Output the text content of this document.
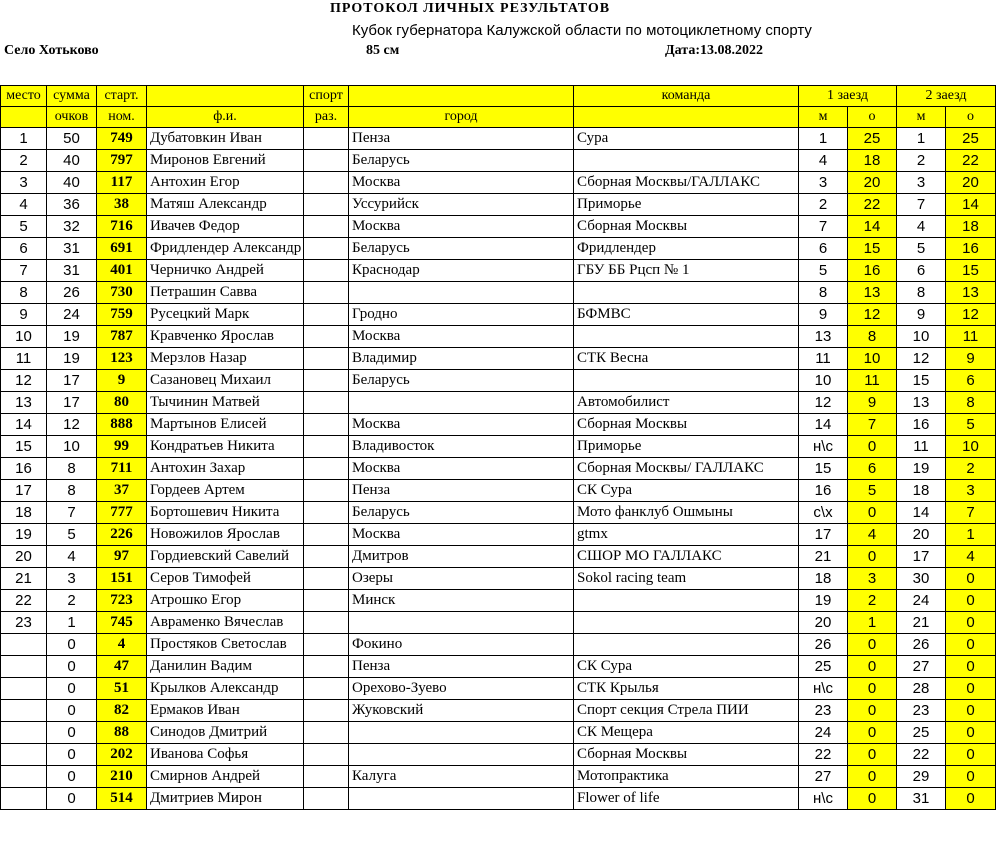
ПРОТОКОЛ ЛИЧНЫХ РЕЗУЛЬТАТОВ
Кубок губернатора Калужской области по мотоциклетному спорту
Село Хотьково	85 см	Дата:13.08.2022
место	сумма	старт.		спорт		команда	1 заезд		2 заезд	
	очков	ном.	ф.и.	раз.	город		м	о	м	о
1	50	749	Дубатовкин Иван		Пенза	Сура	1	25	1	25
2	40	797	Миронов Евгений		Беларусь		4	18	2	22
3	40	117	Антохин Егор		Москва	Сборная Москвы/ГАЛЛАКС	3	20	3	20
4	36	38	Матяш Александр		Уссурийск	Приморье	2	22	7	14
5	32	716	Ивачев Федор		Москва	Сборная Москвы	7	14	4	18
6	31	691	Фридлендер Александр		Беларусь	Фридлендер	6	15	5	16
7	31	401	Черничко Андрей		Краснодар	ГБУ ББ Рцсп № 1	5	16	6	15
8	26	730	Петрашин Савва				8	13	8	13
9	24	759	Русецкий Марк		Гродно	БФМВС	9	12	9	12
10	19	787	Кравченко Ярослав		Москва		13	8	10	11
11	19	123	Мерзлов Назар		Владимир	СТК Весна	11	10	12	9
12	17	9	Сазановец Михаил		Беларусь		10	11	15	6
13	17	80	Тычинин Матвей			Автомобилист	12	9	13	8
14	12	888	Мартынов Елисей		Москва	Сборная Москвы	14	7	16	5
15	10	99	Кондратьев Никита		Владивосток	Приморье	н\с	0	11	10
16	8	711	Антохин Захар		Москва	Сборная Москвы/ ГАЛЛАКС	15	6	19	2
17	8	37	Гордеев Артем		Пенза	СК Сура	16	5	18	3
18	7	777	Бортошевич Никита		Беларусь	Мото фанклуб Ошмыны	с\х	0	14	7
19	5	226	Новожилов Ярослав		Москва	gtmx	17	4	20	1
20	4	97	Гордиевский Савелий		Дмитров	СШОР МО ГАЛЛАКС	21	0	17	4
21	3	151	Серов Тимофей		Озеры	Sokol racing team	18	3	30	0
22	2	723	Атрошко Егор		Минск		19	2	24	0
23	1	745	Авраменко Вячеслав				20	1	21	0
	0	4	Простяков Светослав		Фокино		26	0	26	0
	0	47	Данилин Вадим		Пенза	СК Сура	25	0	27	0
	0	51	Крылков Александр		Орехово-Зуево	СТК Крылья	н\с	0	28	0
	0	82	Ермаков Иван		Жуковский	Спорт секция Стрела ПИИ	23	0	23	0
	0	88	Синодов Дмитрий			СК Мещера	24	0	25	0
	0	202	Иванова Софья			Сборная Москвы	22	0	22	0
	0	210	Смирнов Андрей		Калуга	Мотопрактика	27	0	29	0
	0	514	Дмитриев Мирон			Flower of life	н\с	0	31	0
